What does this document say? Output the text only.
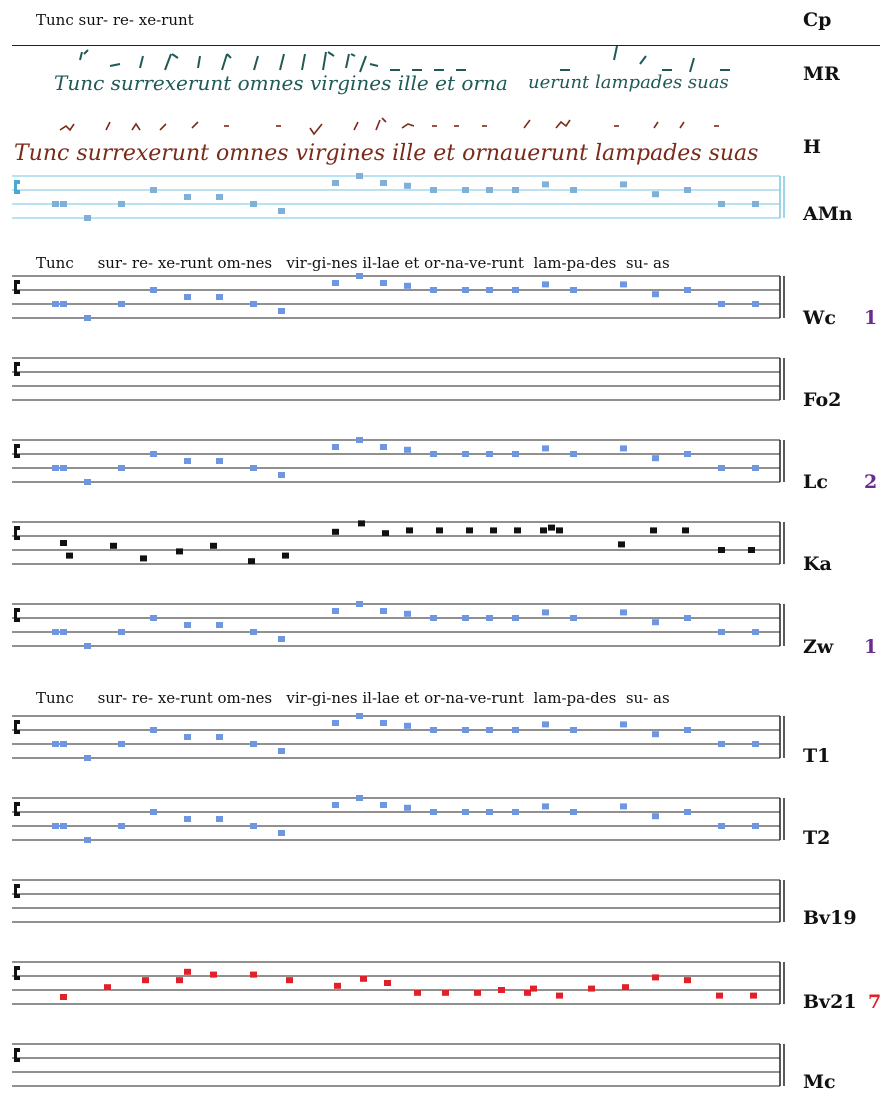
Tunc sur- re- xe-runt	Cp
Tunc surrexerunt omnes virgines ille et orna uerunt lampades suas	MR
Tunc surrexerunt omnes virgines ille et ornauerunt lampades suas H
Tunc     sur- re- xe-runt om-nes   vir-gi-nes il-lae et or-na-ve-runt  lam-pa-des  su- as
Tunc     sur- re- xe-runt om-nes   vir-gi-nes il-lae et or-na-ve-runt  lam-pa-des  su- as
AMn
Wc 1
Fo2
Lc 2
Ka
Zw 1
T1
T2
Bv19
Bv21 7
Mc
